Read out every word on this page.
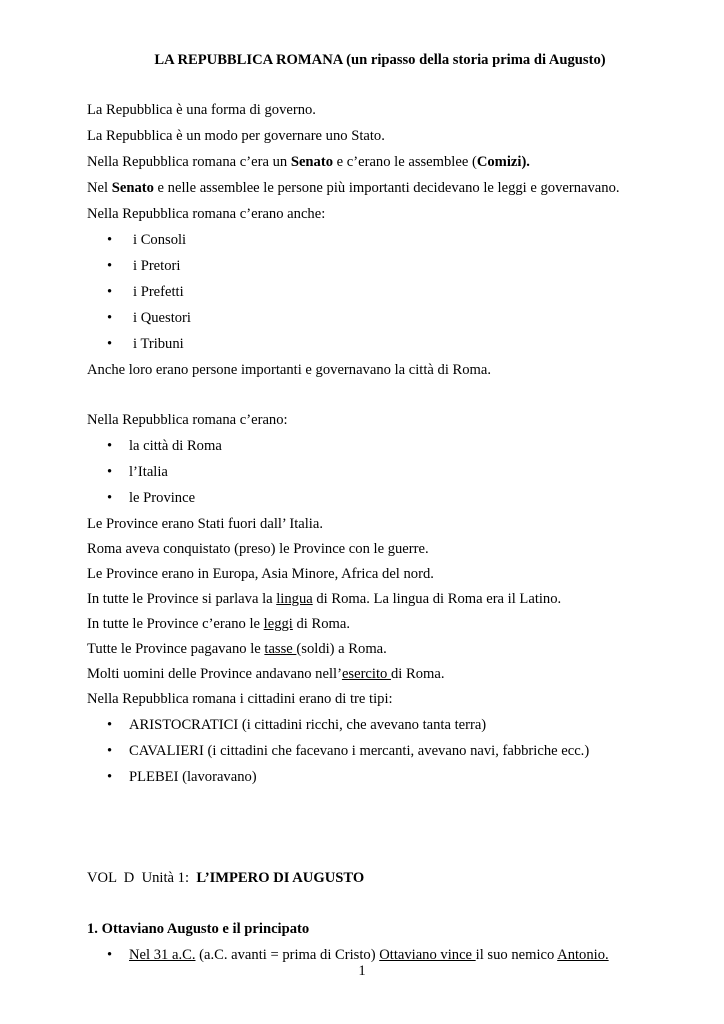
LA REPUBBLICA ROMANA (un ripasso della storia prima di Augusto)
La Repubblica è una forma di governo.
La Repubblica è un modo per governare uno Stato.
Nella Repubblica romana c’era un Senato e c’erano le assemblee (Comizi).
Nel Senato e nelle assemblee le persone più importanti decidevano le leggi e governavano.
Nella Repubblica romana c’erano anche:
• i Consoli
• i Pretori
• i Prefetti
• i Questori
• i Tribuni
Anche loro erano persone importanti e governavano la città di Roma.
Nella Repubblica romana c’erano:
• la città di Roma
• l’Italia
• le Province
Le Province erano Stati fuori dall’ Italia.
Roma aveva conquistato (preso) le Province con le guerre.
Le Province erano in Europa, Asia Minore, Africa del nord.
In tutte le Province si parlava la lingua di Roma. La lingua di Roma era il Latino.
In tutte le Province c’erano le leggi di Roma.
Tutte le Province pagavano le tasse (soldi) a Roma.
Molti uomini delle Province andavano nell’esercito di Roma.
Nella Repubblica romana i cittadini erano di tre tipi:
• ARISTOCRATICI (i cittadini ricchi, che avevano tanta terra)
• CAVALIERI (i cittadini che facevano i mercanti, avevano navi, fabbriche ecc.)
• PLEBEI (lavoravano)
VOL  D  Unità 1:  L’IMPERO DI AUGUSTO
1. Ottaviano Augusto e il principato
• Nel 31 a.C. (a.C. avanti = prima di Cristo) Ottaviano vince il suo nemico Antonio.
1
